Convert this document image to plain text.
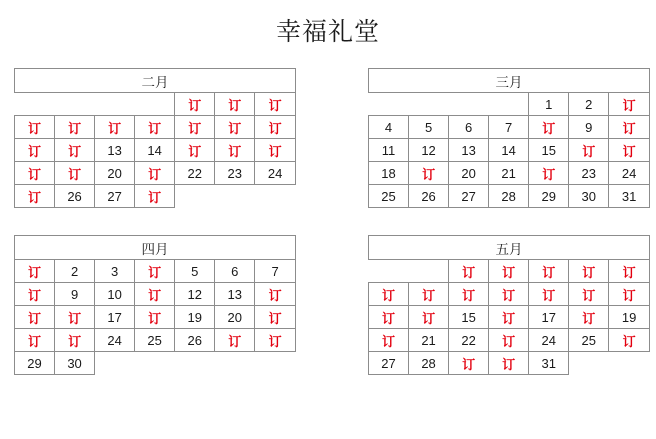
幸福礼堂
二月						
				订	订	订
订	订	订	订	订	订	订
订	订	13	14	订	订	订
订	订	20	订	22	23	24
订	26	27	订			
三月						
				1	2	订
4	5	6	7	订	9	订
11	12	13	14	15	订	订
18	订	20	21	订	23	24
25	26	27	28	29	30	31
四月						
订	2	3	订	5	6	7
订	9	10	订	12	13	订
订	订	17	订	19	20	订
订	订	24	25	26	订	订
29	30					
五月						
		订	订	订	订	订
订	订	订	订	订	订	订
订	订	15	订	17	订	19
订	21	22	订	24	25	订
27	28	订	订	31		
